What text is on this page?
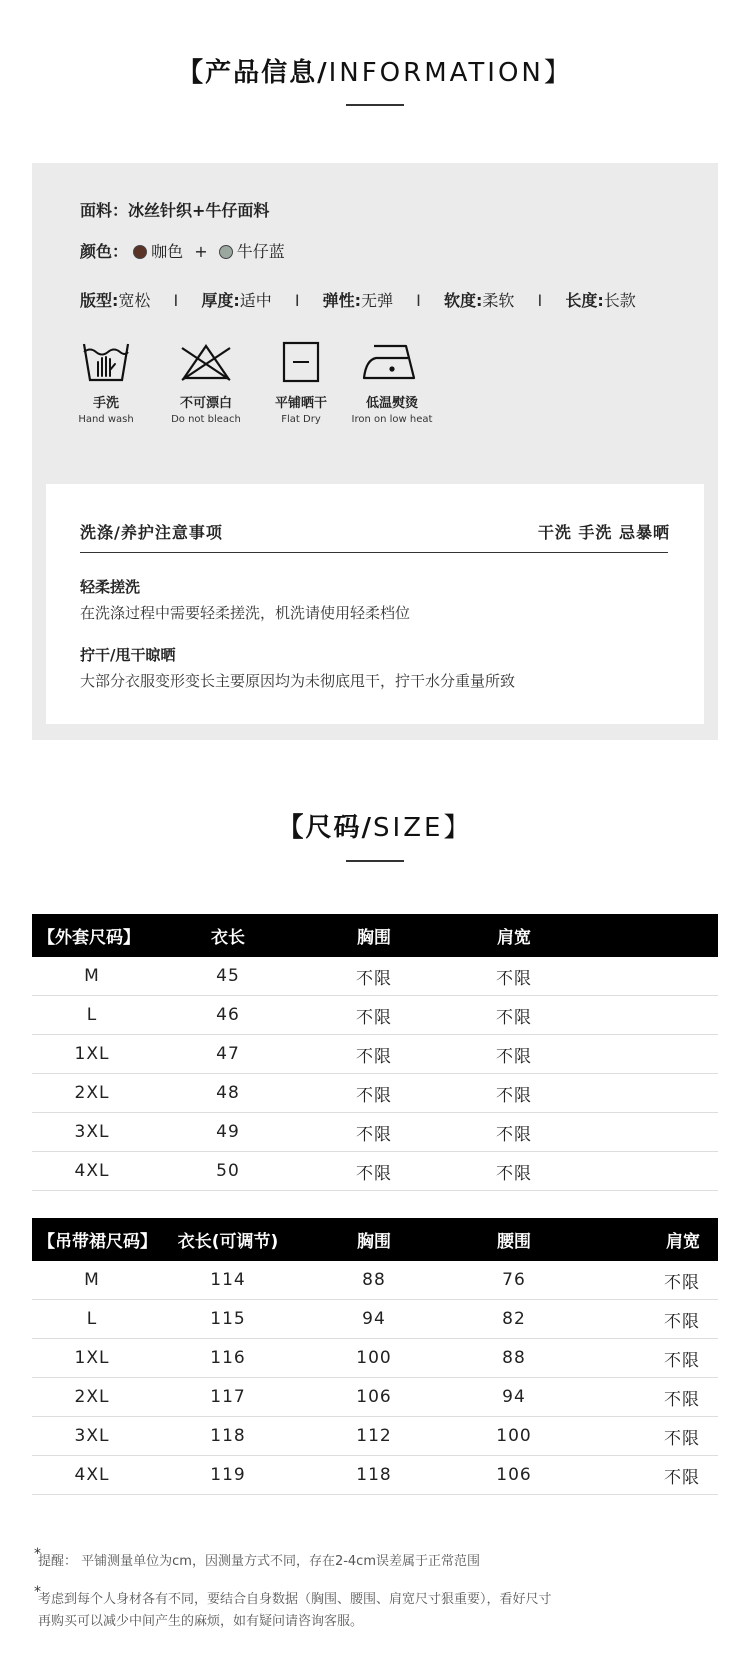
【产品信息/INFORMATION】
面料：冰丝针织+牛仔面料
颜色： 咖色 + 牛仔蓝
版型:宽松 I 厚度:适中 I 弹性:无弹 I 软度:柔软 I 长度:长款
手洗
Hand wash
不可漂白
Do not bleach
平铺晒干
Flat Dry
低温熨烫
Iron on low heat
洗涤/养护注意事项	干洗 手洗 忌暴晒
轻柔搓洗
在洗涤过程中需要轻柔搓洗，机洗请使用轻柔档位
拧干/甩干晾晒
大部分衣服变形变长主要原因均为未彻底甩干，拧干水分重量所致
【尺码/SIZE】
【外套尺码】	衣长	胸围	肩宽	
M	45	不限	不限	
L	46	不限	不限	
1XL	47	不限	不限	
2XL	48	不限	不限	
3XL	49	不限	不限	
4XL	50	不限	不限	
【吊带裙尺码】	衣长(可调节)	胸围	腰围	肩宽
M	114	88	76	不限
L	115	94	82	不限
1XL	116	100	88	不限
2XL	117	106	94	不限
3XL	118	112	100	不限
4XL	119	118	106	不限
*
提醒： 平铺测量单位为cm，因测量方式不同，存在2-4cm误差属于正常范围
*
考虑到每个人身材各有不同，要结合自身数据（胸围、腰围、肩宽尺寸狠重要），看好尺寸
再购买可以减少中间产生的麻烦，如有疑问请咨询客服。
